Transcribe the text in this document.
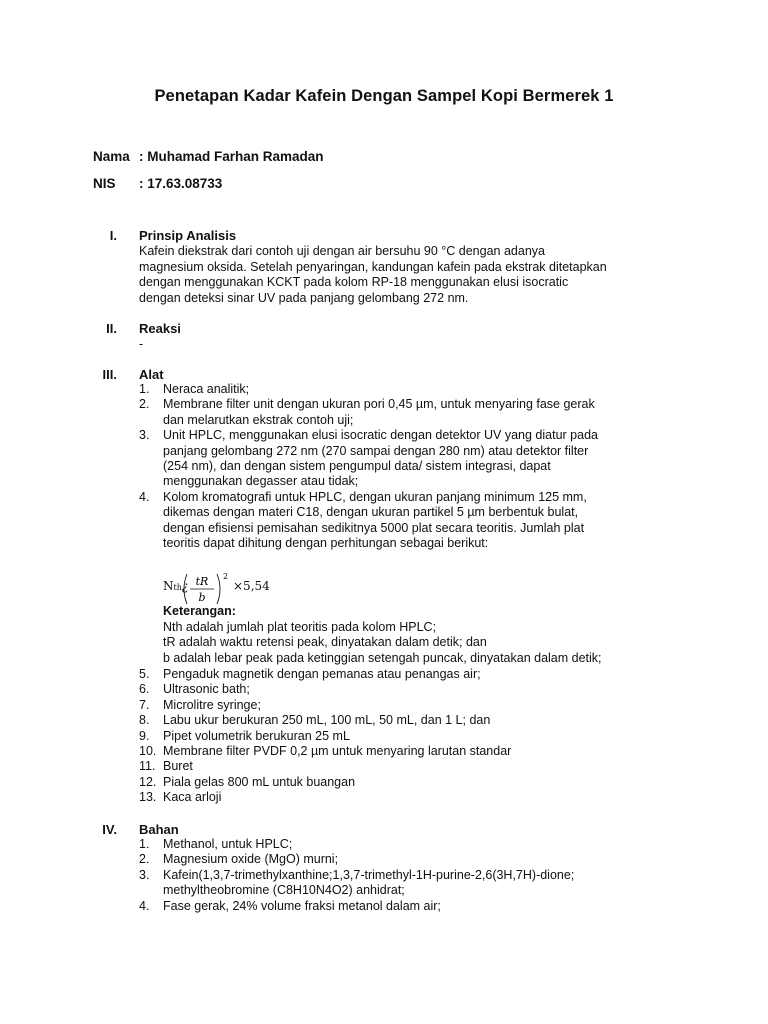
Penetapan Kadar Kafein Dengan Sampel Kopi Bermerek 1
Nama : Muhamad Farhan Ramadan
NIS : 17.63.08733
I. Prinsip Analisis
Kafein diekstrak dari contoh uji dengan air bersuhu 90 °C dengan adanya
magnesium oksida. Setelah penyaringan, kandungan kafein pada ekstrak ditetapkan
dengan menggunakan KCKT pada kolom RP-18 menggunakan elusi isocratic
dengan deteksi sinar UV pada panjang gelombang 272 nm.
II. Reaksi
-
III. Alat
1. Neraca analitik;
2. Membrane filter unit dengan ukuran pori 0,45 µm, untuk menyaring fase gerak
dan melarutkan ekstrak contoh uji;
3. Unit HPLC, menggunakan elusi isocratic dengan detektor UV yang diatur pada
panjang gelombang 272 nm (270 sampai dengan 280 nm) atau detektor filter
(254 nm), dan dengan sistem pengumpul data/ sistem integrasi, dapat
menggunakan degasser atau tidak;
4. Kolom kromatografi untuk HPLC, dengan ukuran panjang minimum 125 mm,
dikemas dengan materi C18, dengan ukuran partikel 5 µm berbentuk bulat,
dengan efisiensi pemisahan sedikitnya 5000 plat secara teoritis. Jumlah plat
teoritis dapat dihitung dengan perhitungan sebagai berikut:
Nth¿ tR
b
2
×5,54
Keterangan:
Nth adalah jumlah plat teoritis pada kolom HPLC;
tR adalah waktu retensi peak, dinyatakan dalam detik; dan
b adalah lebar peak pada ketinggian setengah puncak, dinyatakan dalam detik;
5. Pengaduk magnetik dengan pemanas atau penangas air;
6. Ultrasonic bath;
7. Microlitre syringe;
8. Labu ukur berukuran 250 mL, 100 mL, 50 mL, dan 1 L; dan
9. Pipet volumetrik berukuran 25 mL
10. Membrane filter PVDF 0,2 µm untuk menyaring larutan standar
11. Buret
12. Piala gelas 800 mL untuk buangan
13. Kaca arloji
IV. Bahan
1. Methanol, untuk HPLC;
2. Magnesium oxide (MgO) murni;
3. Kafein(1,3,7-trimethylxanthine;1,3,7-trimethyl-1H-purine-2,6(3H,7H)-dione;
methyltheobromine (C8H10N4O2) anhidrat;
4. Fase gerak, 24% volume fraksi metanol dalam air;
